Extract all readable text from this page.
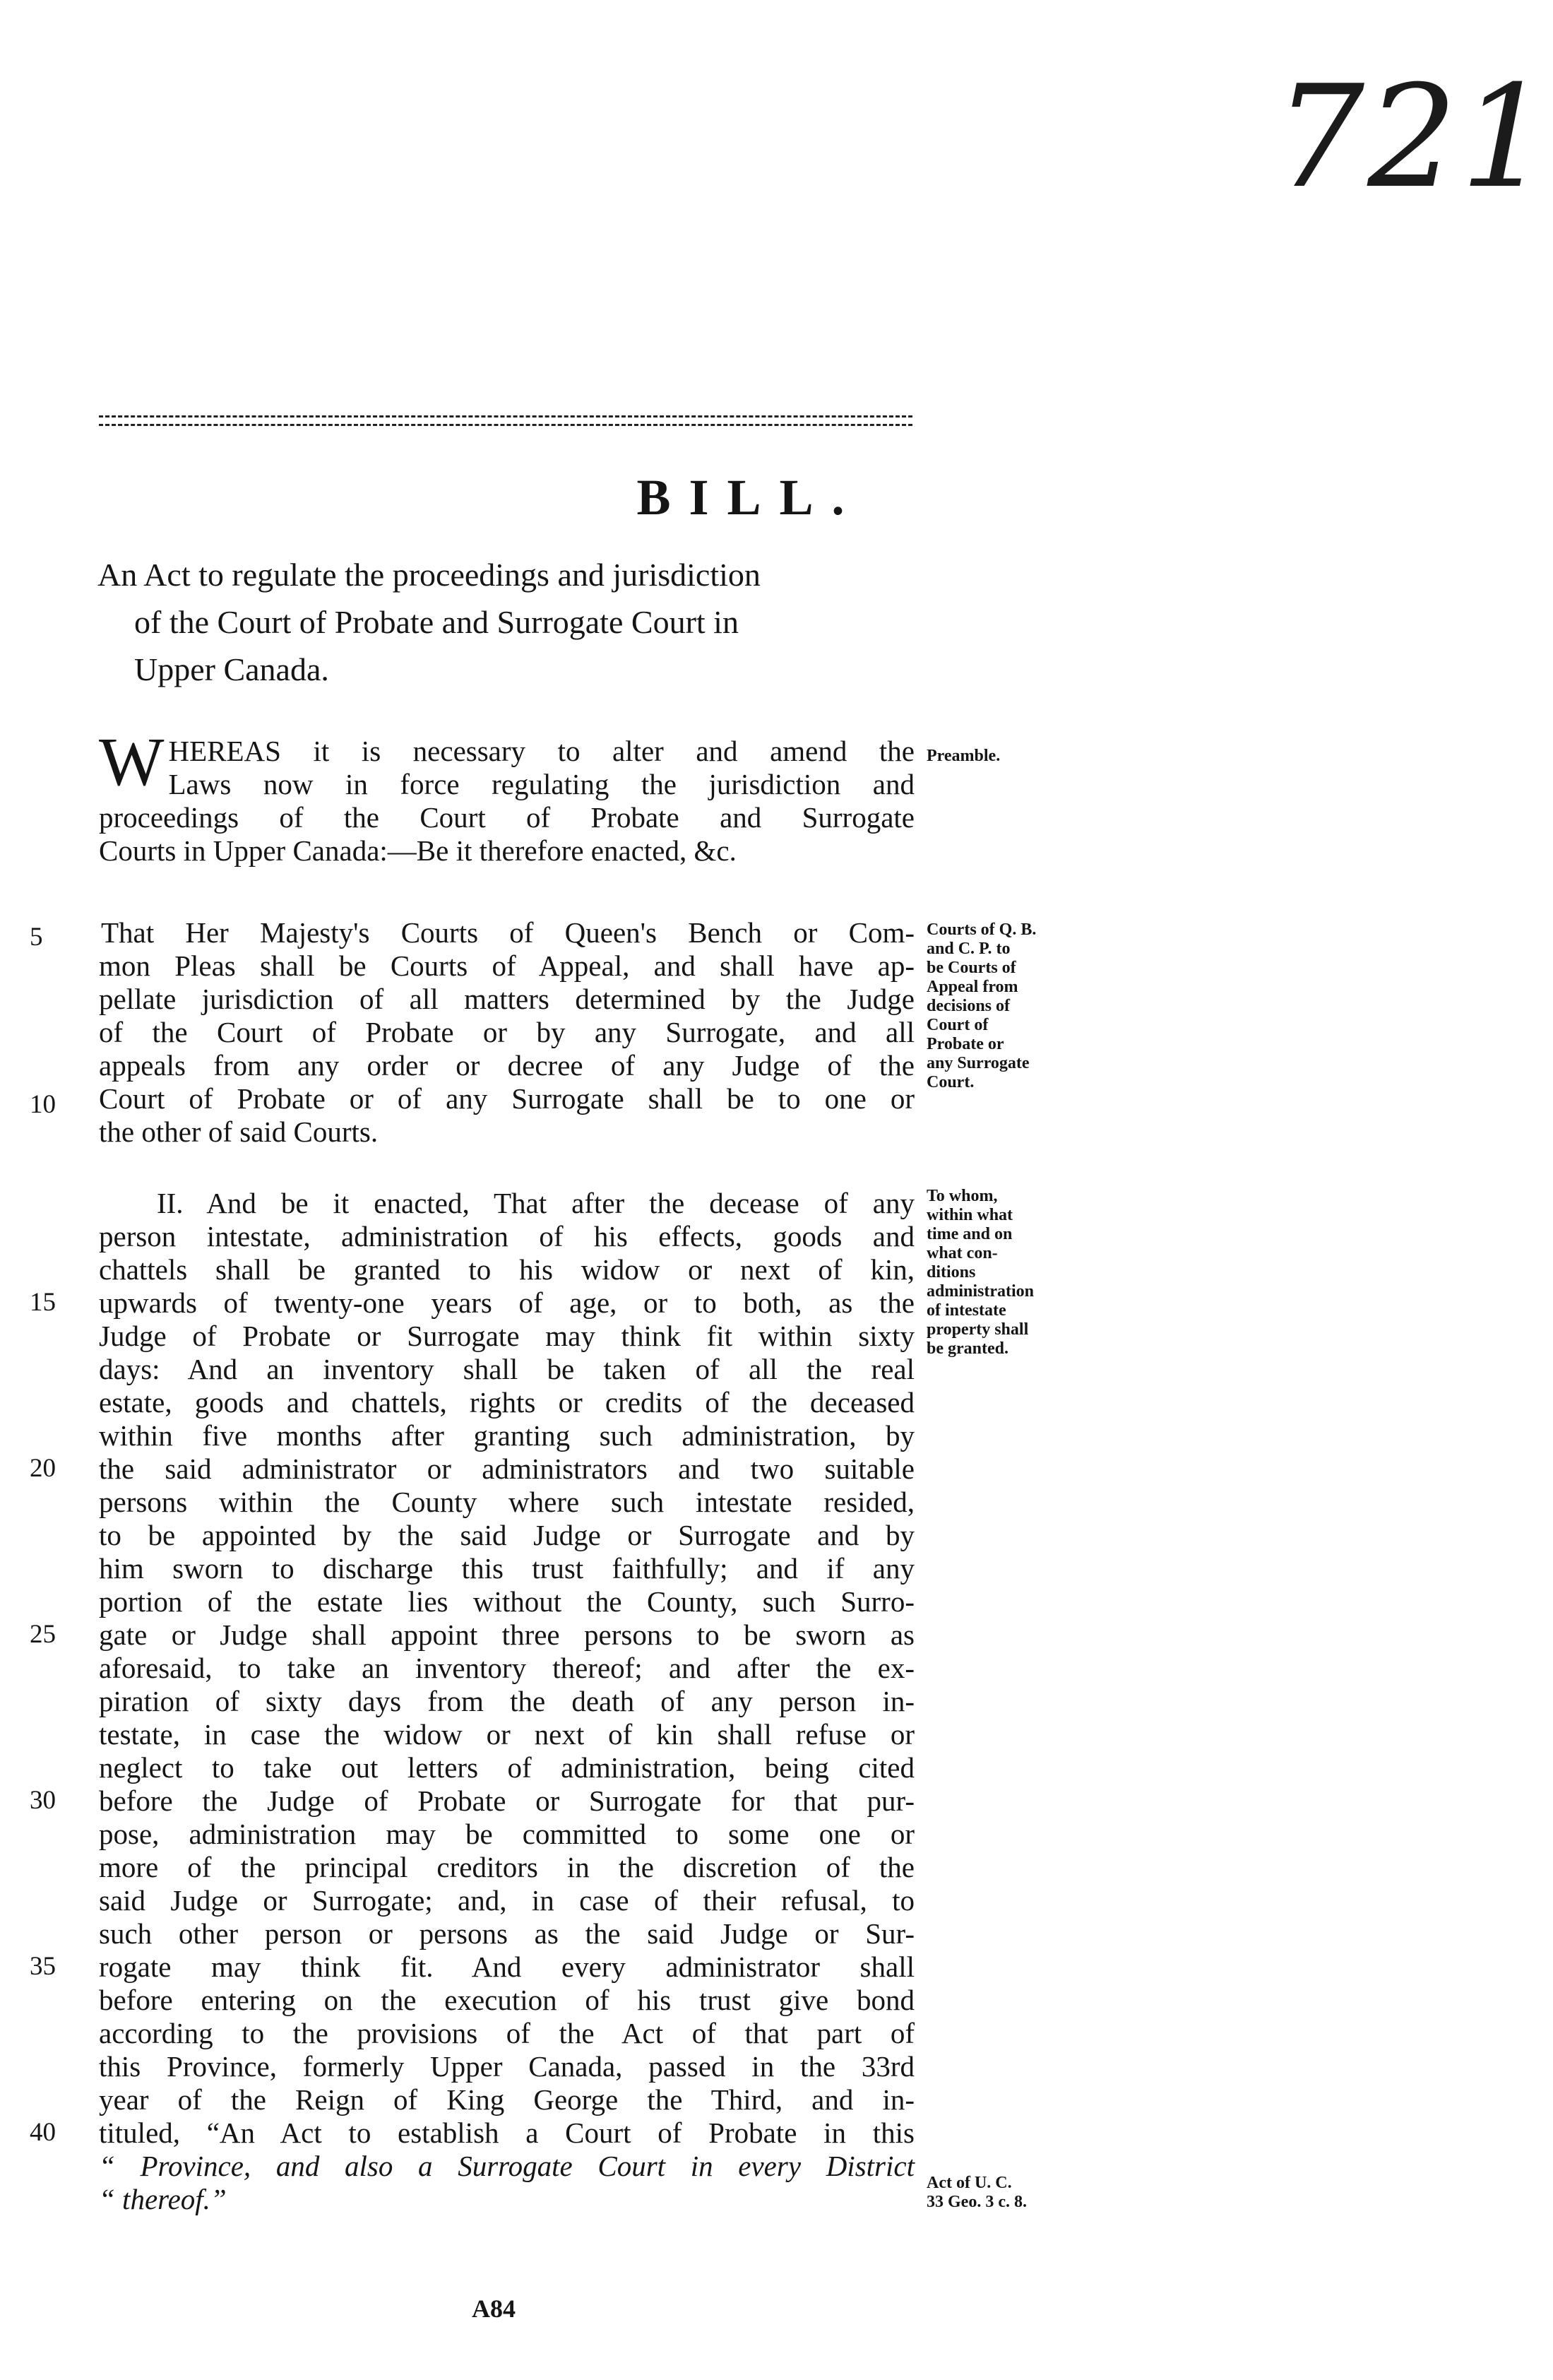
721
BILL.
An Act to regulate the proceedings and jurisdiction
of the Court of Probate and Surrogate Court in
Upper Canada.
W HEREAS it is necessary to alter and amend the
Laws now in force regulating the jurisdiction and
proceedings of the Court of Probate and Surrogate
Courts in Upper Canada:—Be it therefore enacted, &c.
Preamble.
That Her Majesty's Courts of Queen's Bench or Com-
mon Pleas shall be Courts of Appeal, and shall have ap-
pellate jurisdiction of all matters determined by the Judge
of the Court of Probate or by any Surrogate, and all
appeals from any order or decree of any Judge of the
Court of Probate or of any Surrogate shall be to one or
the other of said Courts.
Courts of Q. B.
and C. P. to
be Courts of
Appeal from
decisions of
Court of
Probate or
any Surrogate
Court.
II. And be it enacted, That after the decease of any
person intestate, administration of his effects, goods and
chattels shall be granted to his widow or next of kin,
upwards of twenty-one years of age, or to both, as the
Judge of Probate or Surrogate may think fit within sixty
days: And an inventory shall be taken of all the real
estate, goods and chattels, rights or credits of the deceased
within five months after granting such administration, by
the said administrator or administrators and two suitable
persons within the County where such intestate resided,
to be appointed by the said Judge or Surrogate and by
him sworn to discharge this trust faithfully; and if any
portion of the estate lies without the County, such Surro-
gate or Judge shall appoint three persons to be sworn as
aforesaid, to take an inventory thereof; and after the ex-
piration of sixty days from the death of any person in-
testate, in case the widow or next of kin shall refuse or
neglect to take out letters of administration, being cited
before the Judge of Probate or Surrogate for that pur-
pose, administration may be committed to some one or
more of the principal creditors in the discretion of the
said Judge or Surrogate; and, in case of their refusal, to
such other person or persons as the said Judge or Sur-
rogate may think fit. And every administrator shall
before entering on the execution of his trust give bond
according to the provisions of the Act of that part of
this Province, formerly Upper Canada, passed in the 33rd
year of the Reign of King George the Third, and in-
tituled, “An Act to establish a Court of Probate in this
“ Province, and also a Surrogate Court in every District
“ thereof.”
To whom,
within what
time and on
what con-
ditions
administration
of intestate
property shall
be granted.
Act of U. C.
33 Geo. 3 c. 8.
5
10
15
20
25
30
35
40
A84
